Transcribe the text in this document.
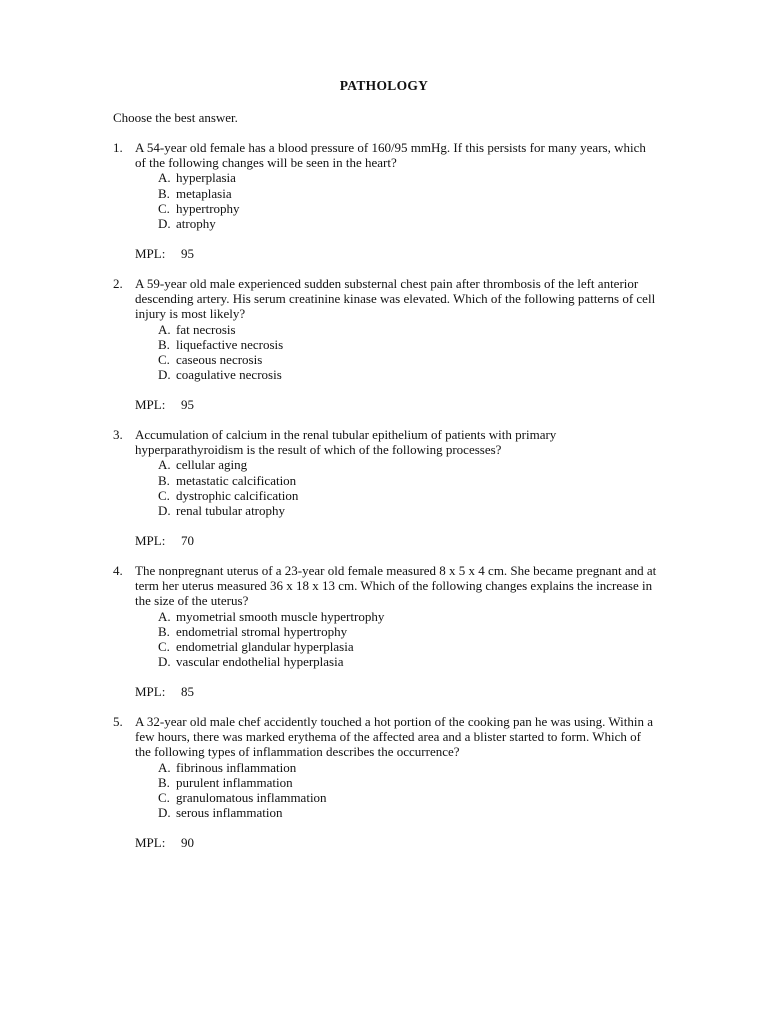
PATHOLOGY
Choose the best answer.
1. A 54-year old female has a blood pressure of 160/95 mmHg. If this persists for many years, which of the following changes will be seen in the heart?
A. hyperplasia
B. metaplasia
C. hypertrophy
D. atrophy
MPL: 95
2. A 59-year old male experienced sudden substernal chest pain after thrombosis of the left anterior descending artery. His serum creatinine kinase was elevated. Which of the following patterns of cell injury is most likely?
A. fat necrosis
B. liquefactive necrosis
C. caseous necrosis
D. coagulative necrosis
MPL: 95
3. Accumulation of calcium in the renal tubular epithelium of patients with primary hyperparathyroidism is the result of which of the following processes?
A. cellular aging
B. metastatic calcification
C. dystrophic calcification
D. renal tubular atrophy
MPL: 70
4. The nonpregnant uterus of a 23-year old female measured 8 x 5 x 4 cm. She became pregnant and at term her uterus measured 36 x 18 x 13 cm. Which of the following changes explains the increase in the size of the uterus?
A. myometrial smooth muscle hypertrophy
B. endometrial stromal hypertrophy
C. endometrial glandular hyperplasia
D. vascular endothelial hyperplasia
MPL: 85
5. A 32-year old male chef accidently touched a hot portion of the cooking pan he was using. Within a few hours, there was marked erythema of the affected area and a blister started to form. Which of the following types of inflammation describes the occurrence?
A. fibrinous inflammation
B. purulent inflammation
C. granulomatous inflammation
D. serous inflammation
MPL: 90
